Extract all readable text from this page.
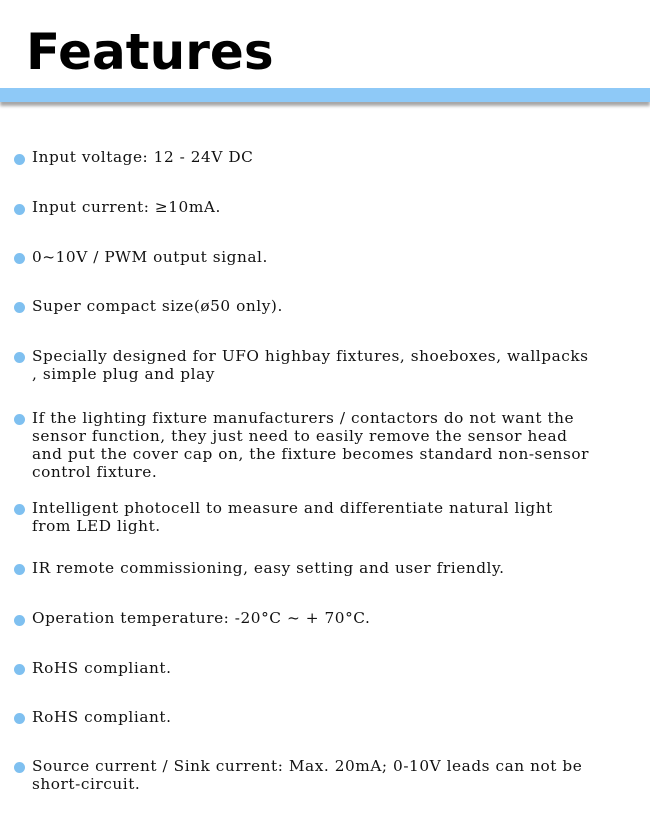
Features

Input voltage: 12 - 24V DC

Input current: ≥10mA.

0~10V / PWM output signal.

Super compact size(ø50 only).

Specially designed for UFO highbay fixtures, shoeboxes, wallpacks
, simple plug and play

If the lighting fixture manufacturers / contactors do not want the
sensor function, they just need to easily remove the sensor head
and put the cover cap on, the fixture becomes standard non-sensor
control fixture.

Intelligent photocell to measure and differentiate natural light
from LED light.

IR remote commissioning, easy setting and user friendly.

Operation temperature: -20°C ~ + 70°C.

RoHS compliant.

RoHS compliant.

Source current / Sink current: Max. 20mA; 0-10V leads can not be
short-circuit.
